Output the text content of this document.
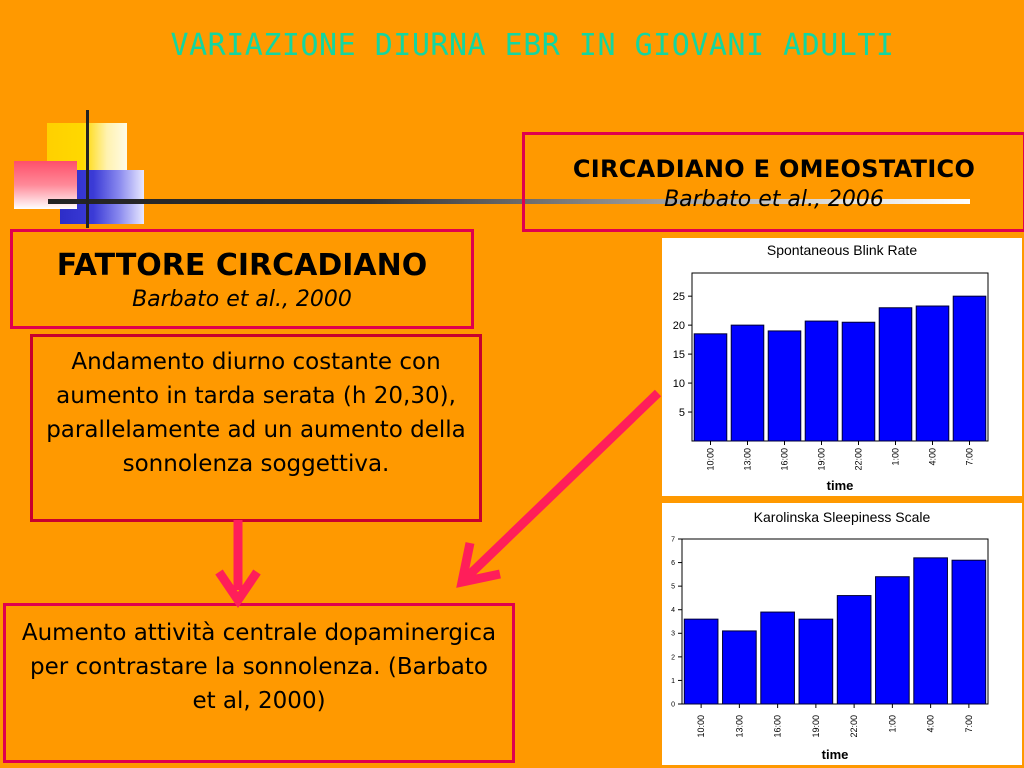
VARIAZIONE DIURNA EBR IN GIOVANI ADULTI
CIRCADIANO E OMEOSTATICO
Barbato et al., 2006
FATTORE CIRCADIANO
Barbato et al., 2000
Andamento diurno costante con aumento in tarda serata (h 20,30), parallelamente ad un aumento della sonnolenza soggettiva.
Aumento attività centrale dopaminergica per contrastare la sonnolenza. (Barbato et al, 2000)
Spontaneous Blink Rate
5
10
15
20
25
10:00	13:00	16:00	19:00	22:00	1:00	4:00	7:00
time
Karolinska Sleepiness Scale
0
1
2
3
4
5
6
7
10:00	13:00	16:00	19:00	22:00	1:00	4:00	7:00
time
